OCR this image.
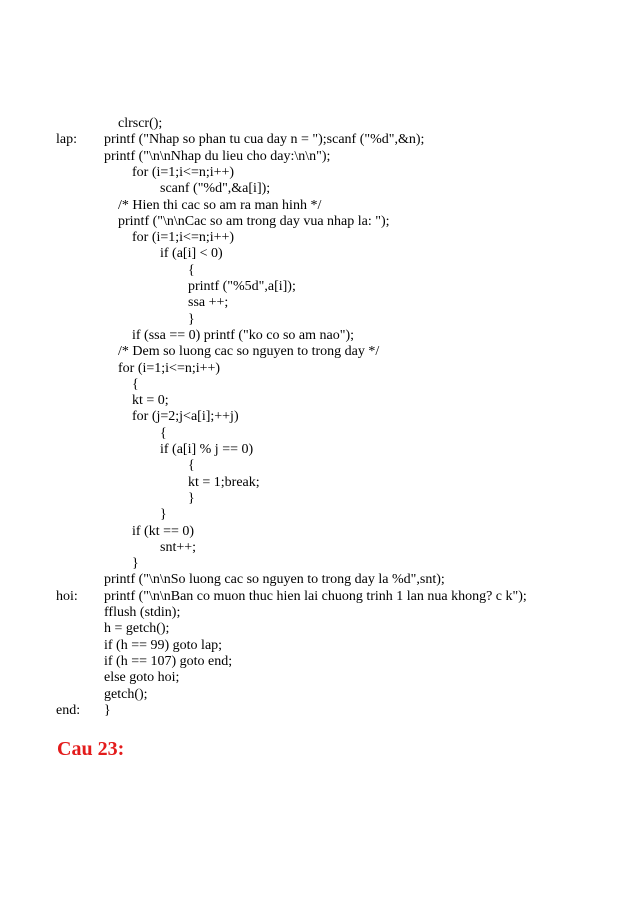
clrscr();
lap: printf ("Nhap so phan tu cua day n = ");scanf ("%d",&n);
printf ("\n\nNhap du lieu cho day:\n\n");
for (i=1;i<=n;i++)
scanf ("%d",&a[i]);
/* Hien thi cac so am ra man hinh */
printf ("\n\nCac so am trong day vua nhap la: ");
for (i=1;i<=n;i++)
if (a[i] < 0)
{
printf ("%5d",a[i]);
ssa ++;
}
if (ssa == 0) printf ("ko co so am nao");
/* Dem so luong cac so nguyen to trong day */
for (i=1;i<=n;i++)
{
kt = 0;
for (j=2;j<a[i];++j)
{
if (a[i] % j == 0)
{
kt = 1;break;
}
}
if (kt == 0)
snt++;
}
printf ("\n\nSo luong cac so nguyen to trong day la %d",snt);
hoi: printf ("\n\nBan co muon thuc hien lai chuong trinh 1 lan nua khong? c k");
fflush (stdin);
h = getch();
if (h == 99) goto lap;
if (h == 107) goto end;
else goto hoi;
getch();
end: }
Cau 23:
